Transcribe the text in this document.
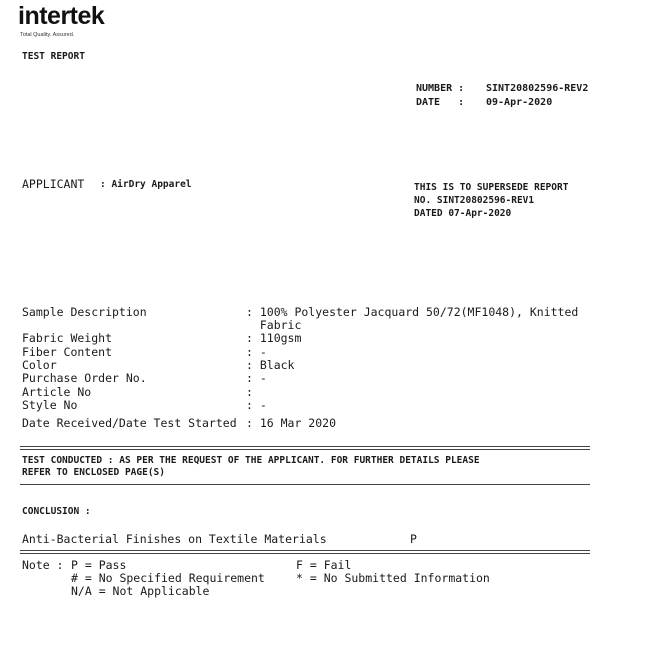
intertek
Total Quality. Assured.
TEST REPORT
NUMBER : SINT20802596-REV2
DATE   : 09-Apr-2020
APPLICANT : AirDry Apparel	THIS IS TO SUPERSEDE REPORT
NO. SINT20802596-REV1
DATED 07-Apr-2020
Sample Description	: 100% Polyester Jacquard 50/72(MF1048), Knitted
Fabric
Fabric Weight	: 110gsm
Fiber Content	: -
Color	: Black
Purchase Order No.	: -
Article No	:
Style No	: -
Date Received/Date Test Started : 16 Mar 2020
TEST CONDUCTED : AS PER THE REQUEST OF THE APPLICANT. FOR FURTHER DETAILS PLEASE
REFER TO ENCLOSED PAGE(S)
CONCLUSION :
Anti-Bacterial Finishes on Textile Materials	P
Note : P = Pass	F = Fail
# = No Specified Requirement	* = No Submitted Information
N/A = Not Applicable
